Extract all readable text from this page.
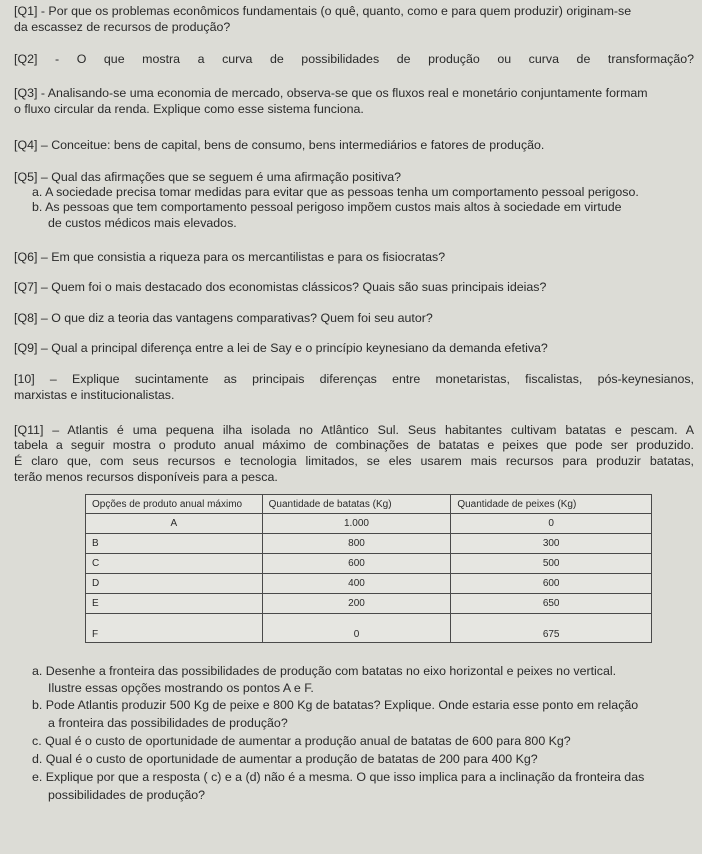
[Q1] - Por que os problemas econômicos fundamentais (o quê, quanto, como e para quem produzir) originam-se
da escassez de recursos de produção?
[Q2] - O que mostra a curva de possibilidades de produção ou curva de transformação?
[Q3] - Analisando-se uma economia de mercado, observa-se que os fluxos real e monetário conjuntamente formam
o fluxo circular da renda. Explique como esse sistema funciona.
[Q4] – Conceitue: bens de capital, bens de consumo, bens intermediários e fatores de produção.
[Q5] – Qual das afirmações que se seguem é uma afirmação positiva?
a. A sociedade precisa tomar medidas para evitar que as pessoas tenha um comportamento pessoal perigoso.
b. As pessoas que tem comportamento pessoal perigoso impõem custos mais altos à sociedade em virtude
de custos médicos mais elevados.
[Q6] – Em que consistia a riqueza para os mercantilistas e para os fisiocratas?
[Q7] – Quem foi o mais destacado dos economistas clássicos? Quais são suas principais ideias?
[Q8] – O que diz a teoria das vantagens comparativas? Quem foi seu autor?
[Q9] – Qual a principal diferença entre a lei de Say e o princípio keynesiano da demanda efetiva?
[10] – Explique sucintamente as principais diferenças entre monetaristas, fiscalistas, pós-keynesianos,
marxistas e institucionalistas.
[Q11] – Atlantis é uma pequena ilha isolada no Atlântico Sul. Seus habitantes cultivam batatas e pescam. A
tabela a seguir mostra o produto anual máximo de combinações de batatas e peixes que pode ser produzido.
É claro que, com seus recursos e tecnologia limitados, se eles usarem mais recursos para produzir batatas,
terão menos recursos disponíveis para a pesca.
Opções de produto anual máximo	Quantidade de batatas (Kg)	Quantidade de peixes (Kg)
A	1.000	0
B	800	300
C	600	500
D	400	600
E	200	650
F	0	675
a. Desenhe a fronteira das possibilidades de produção com batatas no eixo horizontal e peixes no vertical.
Ilustre essas opções mostrando os pontos A e F.
b. Pode Atlantis produzir 500 Kg de peixe e 800 Kg de batatas? Explique. Onde estaria esse ponto em relação
a fronteira das possibilidades de produção?
c. Qual é o custo de oportunidade de aumentar a produção anual de batatas de 600 para 800 Kg?
d. Qual é o custo de oportunidade de aumentar a produção de batatas de 200 para 400 Kg?
e. Explique por que a resposta ( c) e a (d) não é a mesma. O que isso implica para a inclinação da fronteira das
possibilidades de produção?
